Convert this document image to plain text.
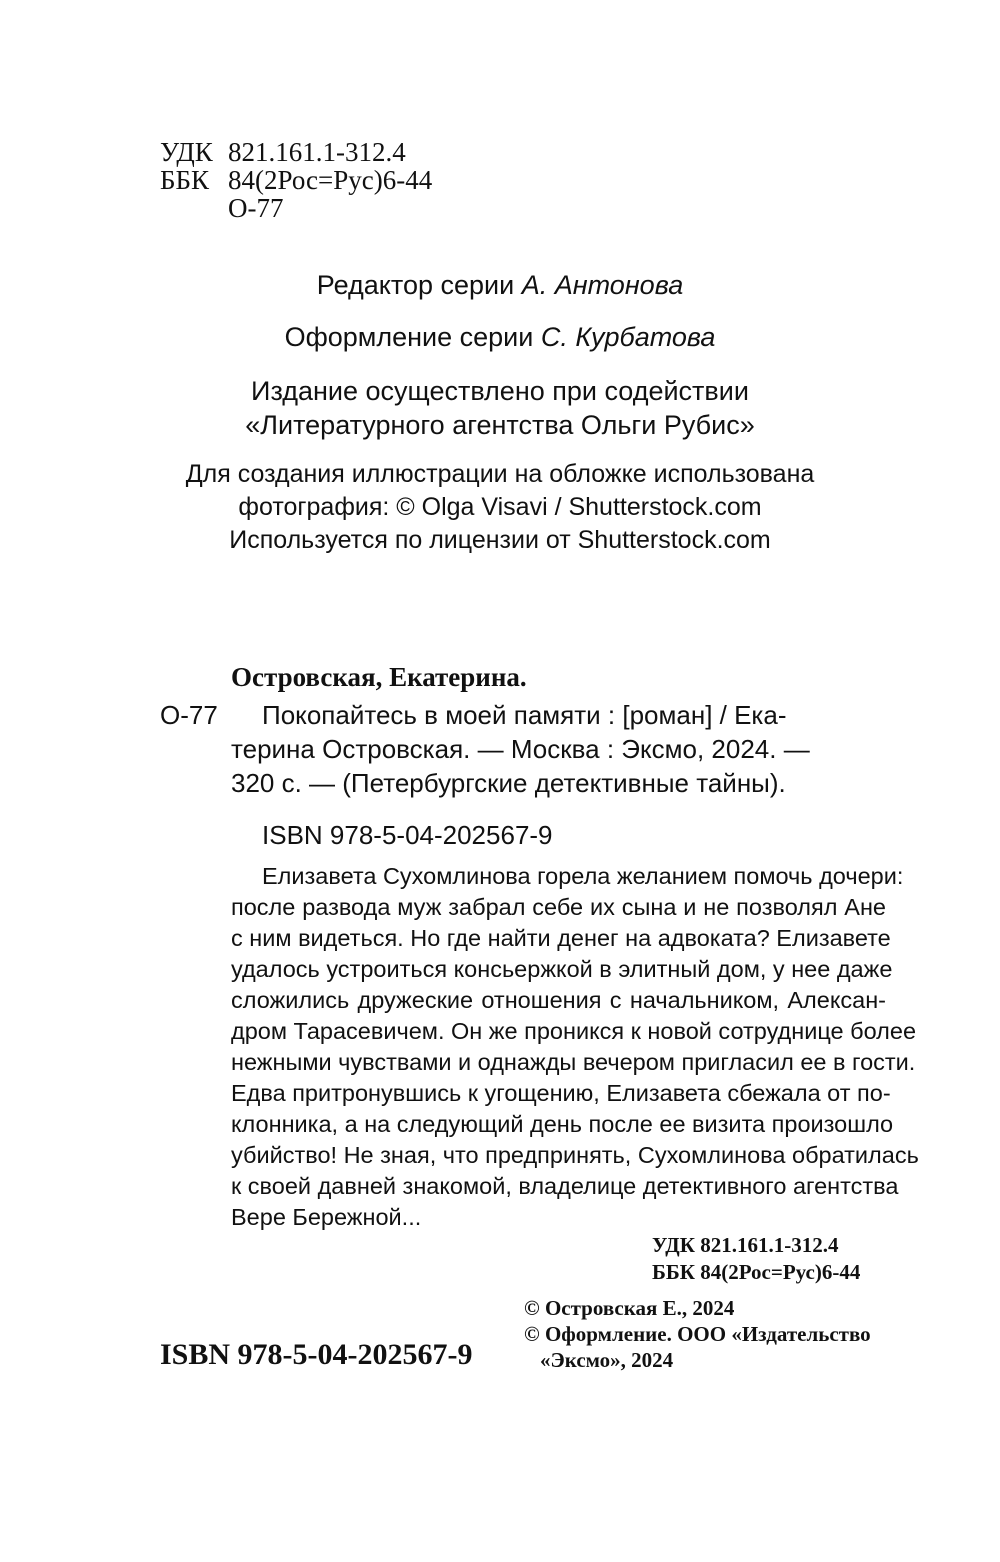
УДК 821.161.1-312.4
ББК 84(2Рос=Рус)6-44
О-77
Редактор серии А. Антонова
Оформление серии С. Курбатова
Издание осуществлено при содействии
«Литературного агентства Ольги Рубис»
Для создания иллюстрации на обложке использована
фотография: © Olga Visavi / Shutterstock.com
Используется по лицензии от Shutterstock.com
Островская, Екатерина.
О-77 Покопайтесь в моей памяти : [роман] / Ека-
терина Островская. — Москва : Эксмо, 2024. —
320 с. — (Петербургские детективные тайны).
ISBN 978-5-04-202567-9
Елизавета Сухомлинова горела желанием помочь дочери:
после развода муж забрал себе их сына и не позволял Ане
с ним видеться. Но где найти денег на адвоката? Елизавете
удалось устроиться консьержкой в элитный дом, у нее даже
сложились дружеские отношения с начальником, Алексан-
дром Тарасевичем. Он же проникся к новой сотруднице более
нежными чувствами и однажды вечером пригласил ее в гости.
Едва притронувшись к угощению, Елизавета сбежала от по-
клонника, а на следующий день после ее визита произошло
убийство! Не зная, что предпринять, Сухомлинова обратилась
к своей давней знакомой, владелице детективного агентства
Вере Бережной...
УДК 821.161.1-312.4
ББК 84(2Рос=Рус)6-44
ISBN 978-5-04-202567-9
© Островская Е., 2024
© Оформление. ООО «Издательство
«Эксмо», 2024
